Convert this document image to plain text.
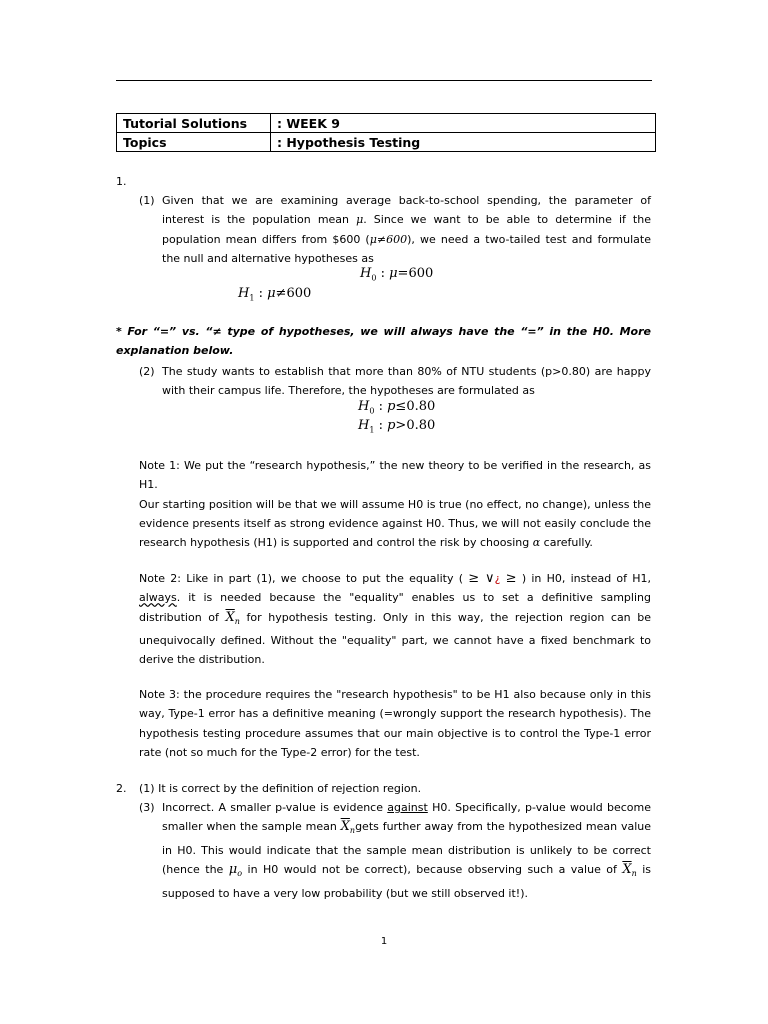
Tutorial Solutions	: WEEK 9
Topics	: Hypothesis Testing
1.
(1) Given that we are examining average back-to-school spending, the parameter of interest is the population mean μ. Since we want to be able to determine if the population mean differs from $600 (μ≠600), we need a two-tailed test and formulate the null and alternative hypotheses as
$H_0$ : μ=600
$H_1$ : μ≠600
* For “=” vs. “≠ type of hypotheses, we will always have the “=” in the H0. More explanation below.
(2) The study wants to establish that more than 80% of NTU students (p>0.80) are happy with their campus life. Therefore, the hypotheses are formulated as
$H_0$ : p≤0.80
$H_1$ : p>0.80
Note 1: We put the “research hypothesis,” the new theory to be verified in the research, as H1.
Our starting position will be that we will assume H0 is true (no effect, no change), unless the evidence presents itself as strong evidence against H0. Thus, we will not easily conclude the research hypothesis (H1) is supported and control the risk by choosing α carefully.
Note 2: Like in part (1), we choose to put the equality ( ≥ ∨¿ ≥ ) in H0, instead of H1, always. it is needed because the "equality" enables us to set a definitive sampling distribution of $\overline{X}_n$ for hypothesis testing. Only in this way, the rejection region can be unequivocally defined. Without the "equality" part, we cannot have a fixed benchmark to derive the distribution.
Note 3: the procedure requires the "research hypothesis" to be H1 also because only in this way, Type-1 error has a definitive meaning (=wrongly support the research hypothesis). The hypothesis testing procedure assumes that our main objective is to control the Type-1 error rate (not so much for the Type-2 error) for the test.
2. (1) It is correct by the definition of rejection region.
(3) Incorrect. A smaller p-value is evidence against H0. Specifically, p-value would become smaller when the sample mean $\overline{X}_ngets$ further away from the hypothesized mean value in H0. This would indicate that the sample mean distribution is unlikely to be correct (hence the $\mu_o$ in H0 would not be correct), because observing such a value of $\overline{X}_n$ is supposed to have a very low probability (but we still observed it!).
1
